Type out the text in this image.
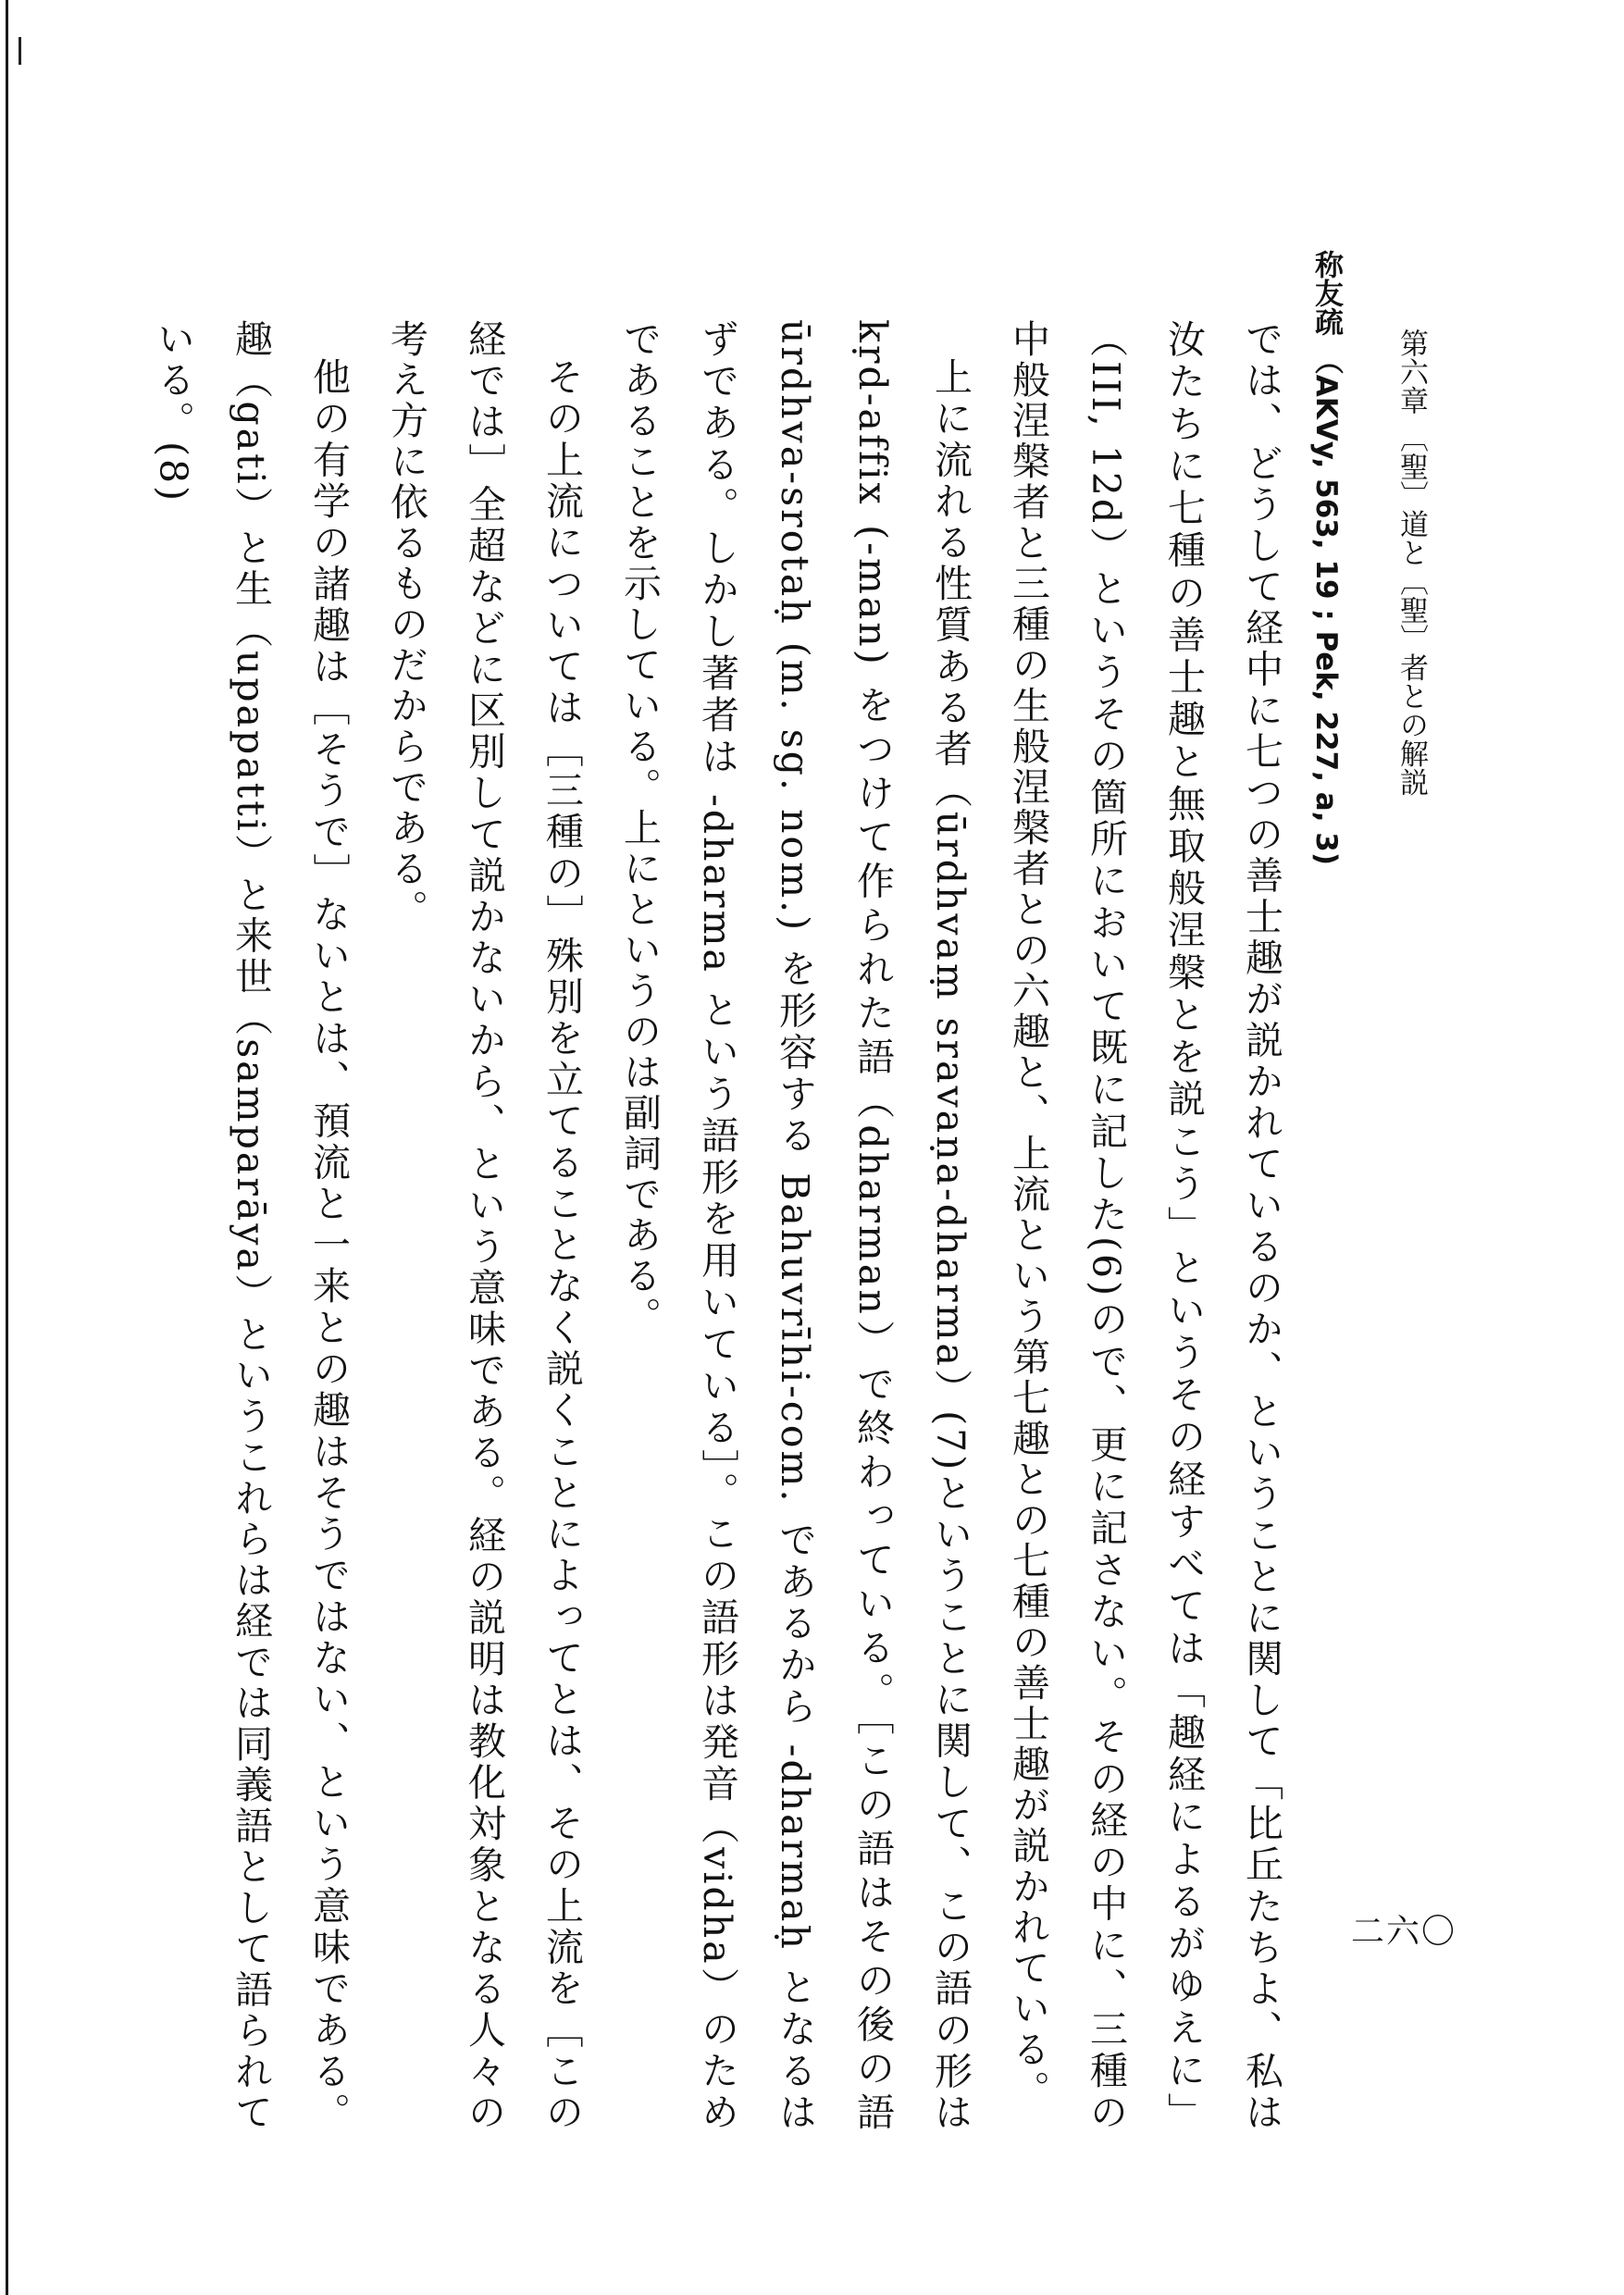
二六〇
第六章 〔聖〕道と〔聖〕者との解説
称友疏 （AKVy, 563, 19 ; Pek, 227, a, 3)

では、どうして経中に七つの善士趣が説かれているのか、ということに関して「比丘たちよ、私は汝たちに七種の善士趣と無取般涅槃とを説こう」というその経すべては「趣経によるがゆえに」（III, 12d）というその箇所において既に記した(6)ので、更に記さない。その経の中に、三種の中般涅槃者と三種の生般涅槃者との六趣と、上流という第七趣との七種の善士趣が説かれている。

上に流れる性質ある者（ūrdhvaṃ sravaṇa-dharma）(7)ということに関して、この語の形は kṛd-affix (-man) をつけて作られた語（dharman）で終わっている。［この語はその後の語 ūrdhva-srotaḥ (m. sg. nom.) を形容する Bahuvrīhi-com. であるから -dharmaḥ となるはずである。しかし著者は -dharma という語形を用いている］。この語形は発音（vidha）のためであることを示している。上にというのは副詞である。

その上流については［三種の］殊別を立てることなく説くことによってとは、その上流を［この経では］全超などに区別して説かないから、という意味である。経の説明は教化対象となる人々の考え方に依るものだからである。

他の有学の諸趣は［そうで］ないとは、預流と一来との趣はそうではない、という意味である。趣（gati）と生（upapatti）と来世（samparāya）というこれらは経では同義語として語られている。(8)
